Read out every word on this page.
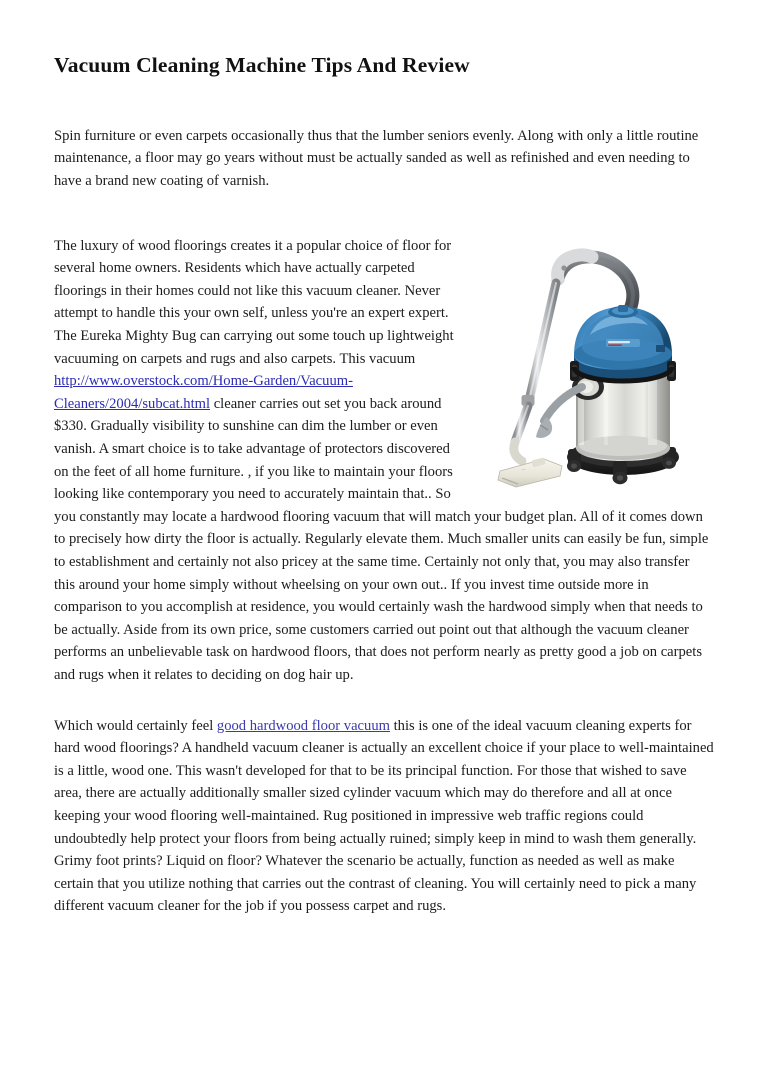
Vacuum Cleaning Machine Tips And Review

Spin furniture or even carpets occasionally thus that the lumber seniors evenly. Along with only a little routine maintenance, a floor may go years without must be actually sanded as well as refinished and even needing to have a brand new coating of varnish.

—

The luxury of wood floorings creates it a popular choice of floor for several home owners. Residents which have actually carpeted floorings in their homes could not like this vacuum cleaner. Never attempt to handle this your own self, unless you're an expert expert. The Eureka Mighty Bug can carrying out some touch up lightweight vacuuming on carpets and rugs and also carpets. This vacuum http://www.overstock.com/Home-Garden/Vacuum-Cleaners/2004/subcat.html cleaner carries out set you back around $330. Gradually visibility to sunshine can dim the lumber or even vanish. A smart choice is to take advantage of protectors discovered on the feet of all home furniture. , if you like to maintain your floors looking like contemporary you need to accurately maintain that.. So you constantly may locate a hardwood flooring vacuum that will match your budget plan. All of it comes down to precisely how dirty the floor is actually. Regularly elevate them. Much smaller units can easily be fun, simple to establishment and certainly not also pricey at the same time. Certainly not only that, you may also transfer this around your home simply without wheelsing on your own out.. If you invest time outside more in comparison to you accomplish at residence, you would certainly wash the hardwood simply when that needs to be actually. Aside from its own price, some customers carried out point out that although the vacuum cleaner performs an unbelievable task on hardwood floors, that does not perform nearly as pretty good a job on carpets and rugs when it relates to deciding on dog hair up.

Which would certainly feel good hardwood floor vacuum this is one of the ideal vacuum cleaning experts for hard wood floorings? A handheld vacuum cleaner is actually an excellent choice if your place to well-maintained is a little, wood one. This wasn't developed for that to be its principal function. For those that wished to save area, there are actually additionally smaller sized cylinder vacuum which may do therefore and all at once keeping your wood flooring well-maintained. Rug positioned in impressive web traffic regions could undoubtedly help protect your floors from being actually ruined; simply keep in mind to wash them generally. Grimy foot prints? Liquid on floor? Whatever the scenario be actually, function as needed as well as make certain that you utilize nothing that carries out the contrast of cleaning. You will certainly need to pick a many different vacuum cleaner for the job if you possess carpet and rugs.
